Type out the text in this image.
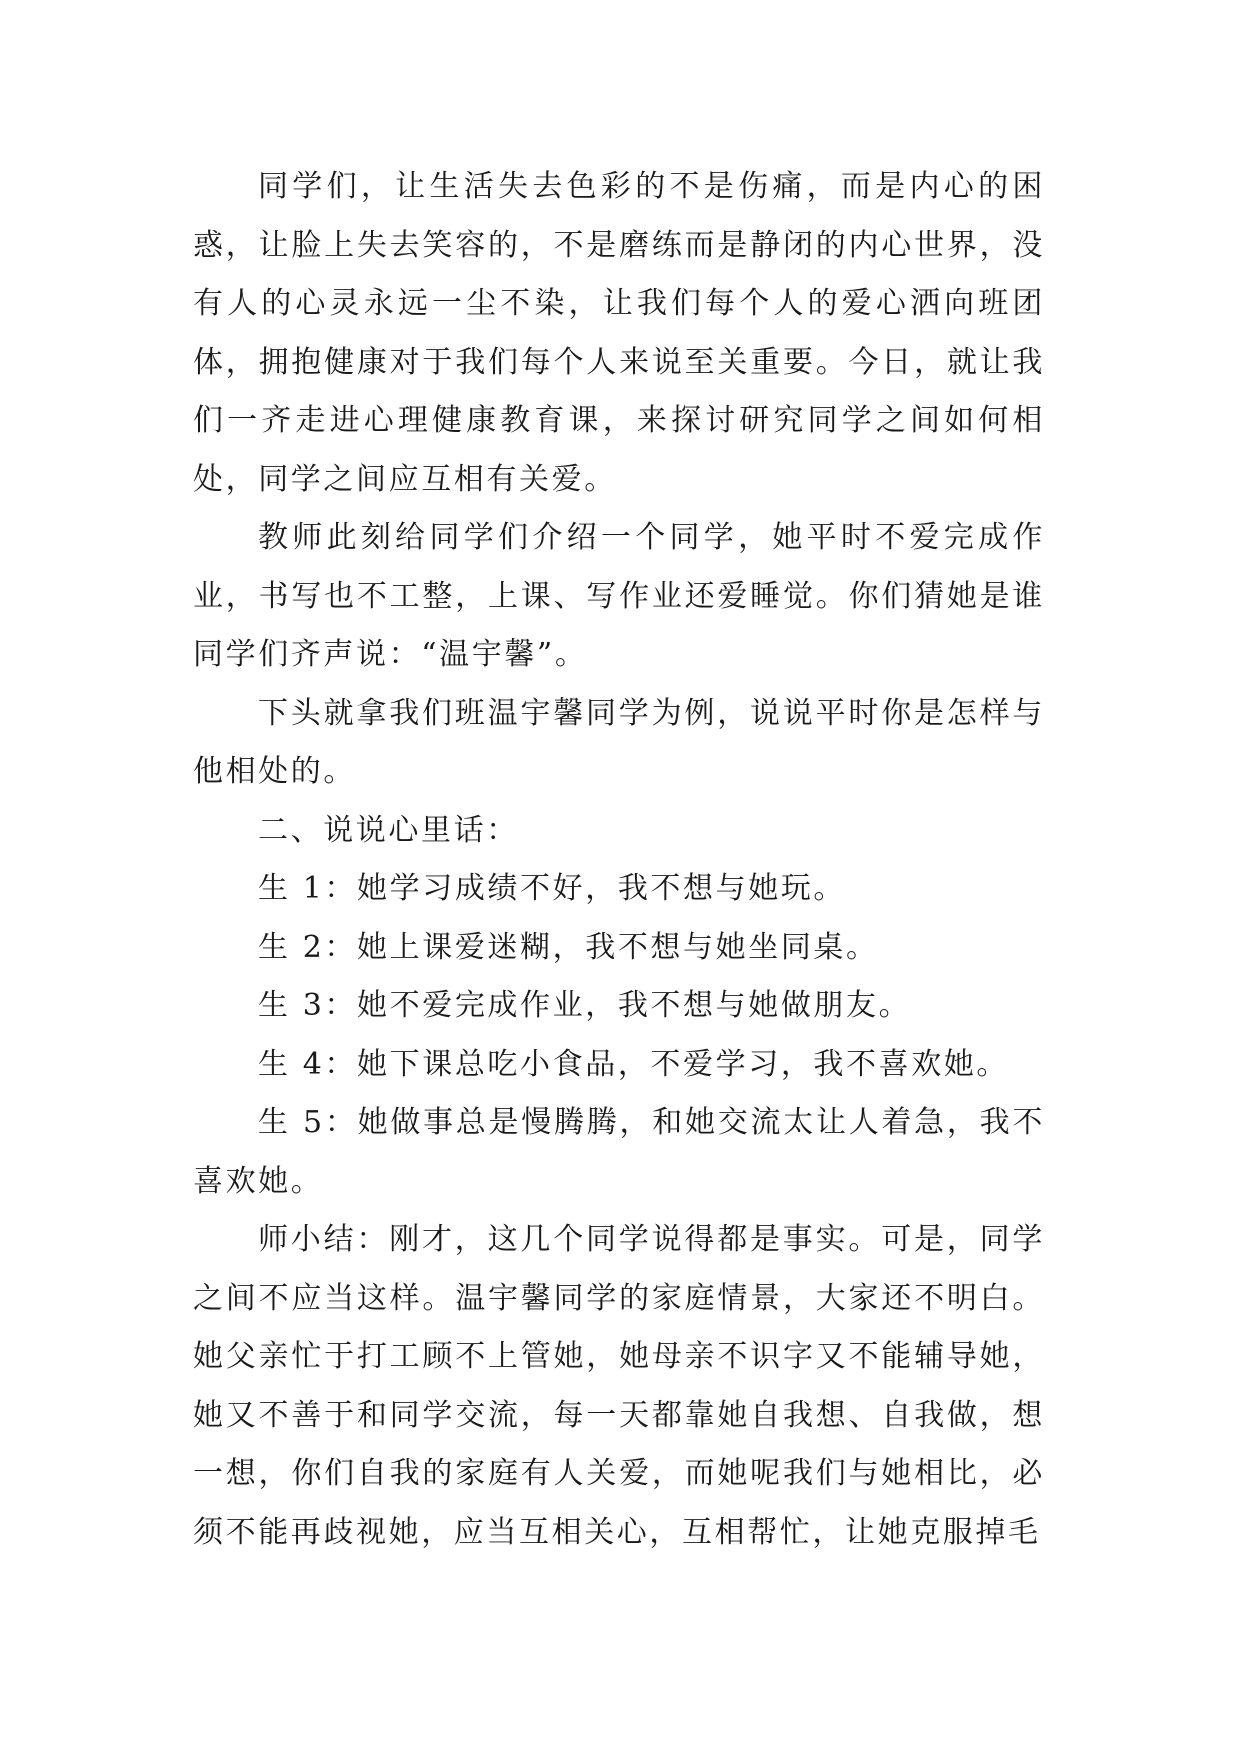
同学们，让生活失去色彩的不是伤痛，而是内心的困惑，让脸上失去笑容的，不是磨练而是静闭的内心世界，没有人的心灵永远一尘不染，让我们每个人的爱心洒向班团体，拥抱健康对于我们每个人来说至关重要。今日，就让我们一齐走进心理健康教育课，来探讨研究同学之间如何相处，同学之间应互相有关爱。

教师此刻给同学们介绍一个同学，她平时不爱完成作业，书写也不工整，上课、写作业还爱睡觉。你们猜她是谁同学们齐声说：“温宇馨”。

下头就拿我们班温宇馨同学为例，说说平时你是怎样与他相处的。

二、说说心里话：

生 1：她学习成绩不好，我不想与她玩。

生 2：她上课爱迷糊，我不想与她坐同桌。

生 3：她不爱完成作业，我不想与她做朋友。

生 4：她下课总吃小食品，不爱学习，我不喜欢她。

生 5：她做事总是慢腾腾，和她交流太让人着急，我不喜欢她。

师小结：刚才，这几个同学说得都是事实。可是，同学之间不应当这样。温宇馨同学的家庭情景，大家还不明白。她父亲忙于打工顾不上管她，她母亲不识字又不能辅导她，她又不善于和同学交流，每一天都靠她自我想、自我做，想一想，你们自我的家庭有人关爱，而她呢我们与她相比，必须不能再歧视她，应当互相关心，互相帮忙，让她克服掉毛
